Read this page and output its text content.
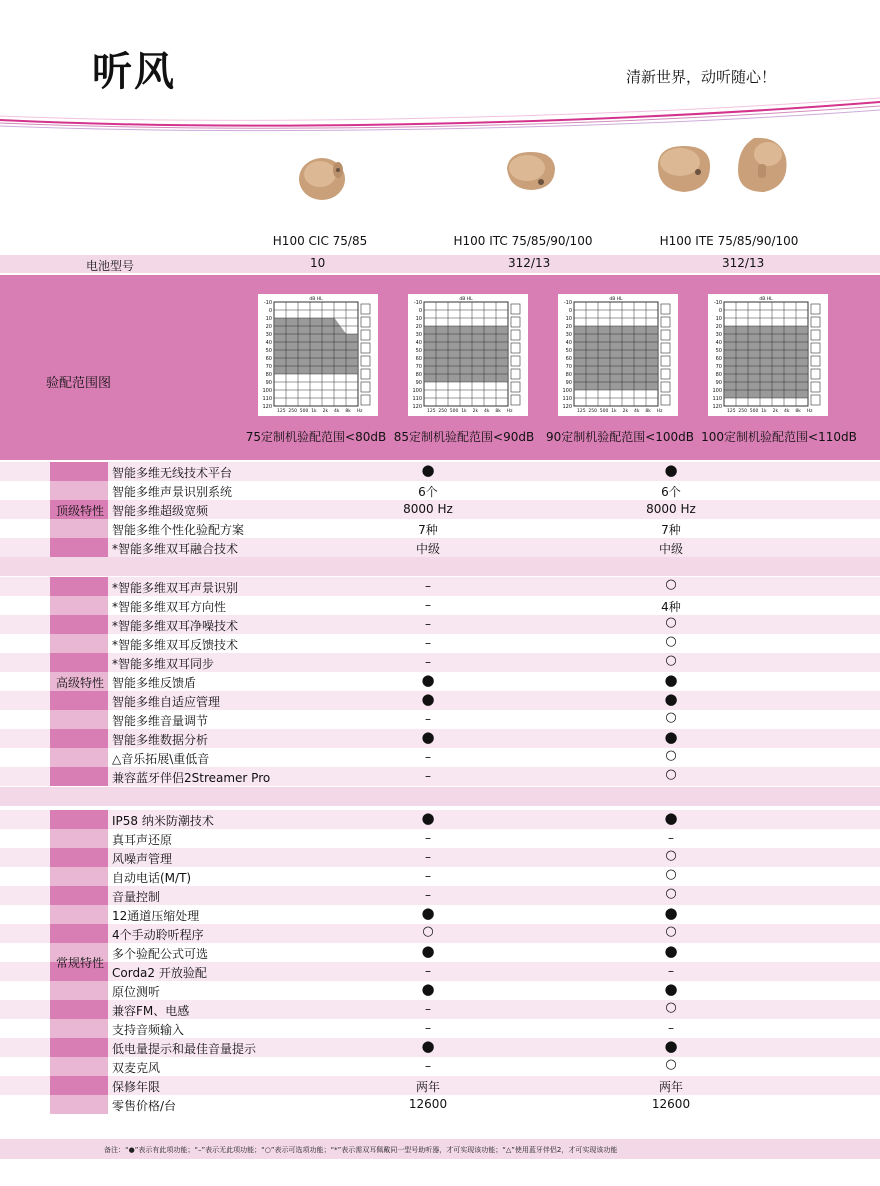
听风	清新世界，动听随心！
H100 CIC 75/85	H100 ITC 75/85/90/100	H100 ITE 75/85/90/100
电池型号	10	312/13	312/13
验配范围图
-10
0
10
20
30
40
50
60
70
80
90
100
110
120
125 250 500 1k 2k 4k 8k Hz
dB HL
-10
0
10
20
30
40
50
60
70
80
90
100
110
120
125 250 500 1k 2k 4k 8k Hz
dB HL
-10
0
10
20
30
40
50
60
70
80
90
100
110
120
125 250 500 1k 2k 4k 8k Hz
dB HL
-10
0
10
20
30
40
50
60
70
80
90
100
110
120
125 250 500 1k 2k 4k 8k Hz
dB HL
75定制机验配范围<80dB 85定制机验配范围<90dB 90定制机验配范围<100dB 100定制机验配范围<110dB
智能多维无线技术平台	●	●
智能多维声景识别系统	6个	6个
智能多维超级宽频	8000 Hz	8000 Hz
智能多维个性化验配方案	7种	7种
*智能多维双耳融合技术	中级	中级
顶级特性
*智能多维双耳声景识别	–	○
*智能多维双耳方向性	–	4种
*智能多维双耳净噪技术	–	○
*智能多维双耳反馈技术	–	○
*智能多维双耳同步	–	○
智能多维反馈盾	●	●
智能多维自适应管理	●	●
智能多维音量调节	–	○
智能多维数据分析	●	●
△音乐拓展\重低音	–	○
兼容蓝牙伴侣2Streamer Pro	–	○
高级特性
IP58 纳米防潮技术	●	●
真耳声还原	–	–
风噪声管理	–	○
自动电话(M/T)	–	○
音量控制	–	○
12通道压缩处理	●	●
4个手动聆听程序	○	○
多个验配公式可选	●	●
Corda2 开放验配	–	–
原位测听	●	●
兼容FM、电感	–	○
支持音频输入	–	–
低电量提示和最佳音量提示	●	●
双麦克风	–	○
保修年限	两年	两年
零售价格/台	12600	12600
常规特性
备注：“●”表示有此项功能；“–”表示无此项功能；“○”表示可选项功能；“*”表示需双耳佩戴同一型号助听器，才可实现该功能；“△”使用蓝牙伴侣2，才可实现该功能
